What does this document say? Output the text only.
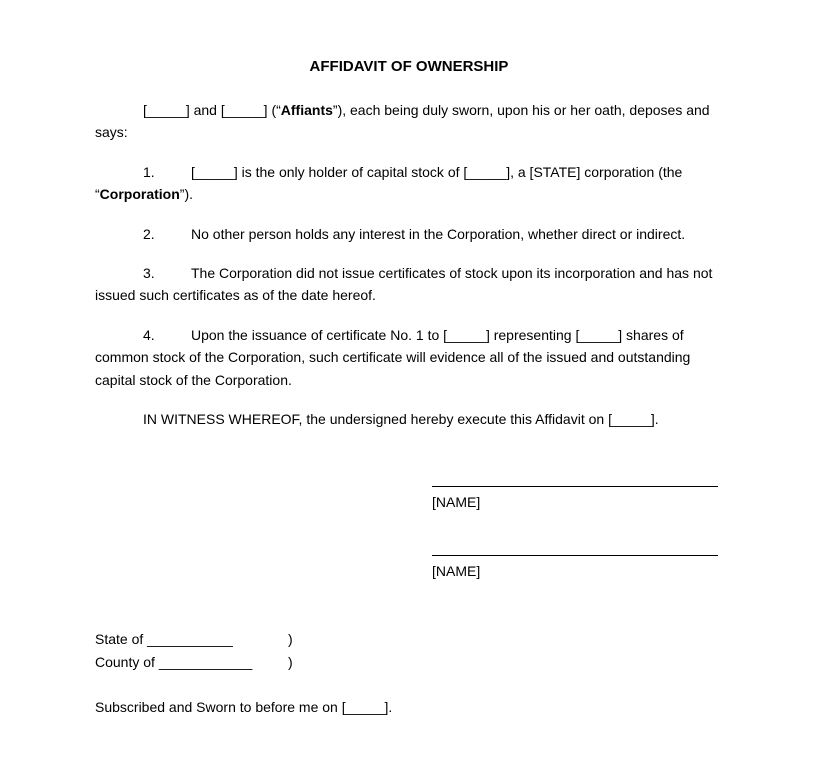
AFFIDAVIT OF OWNERSHIP

[_____] and [_____] (“Affiants”), each being duly sworn, upon his or her oath, deposes and says:

1.	[_____] is the only holder of capital stock of [_____], a [STATE] corporation (the “Corporation”).

2.	No other person holds any interest in the Corporation, whether direct or indirect.

3.	The Corporation did not issue certificates of stock upon its incorporation and has not issued such certificates as of the date hereof.

4.	Upon the issuance of certificate No. 1 to [_____] representing [_____] shares of common stock of the Corporation, such certificate will evidence all of the issued and outstanding capital stock of the Corporation.

IN WITNESS WHEREOF, the undersigned hereby execute this Affidavit on [_____].

[NAME]
[NAME]
State of ___________	)
County of ____________	)

Subscribed and Sworn to before me on [_____].
